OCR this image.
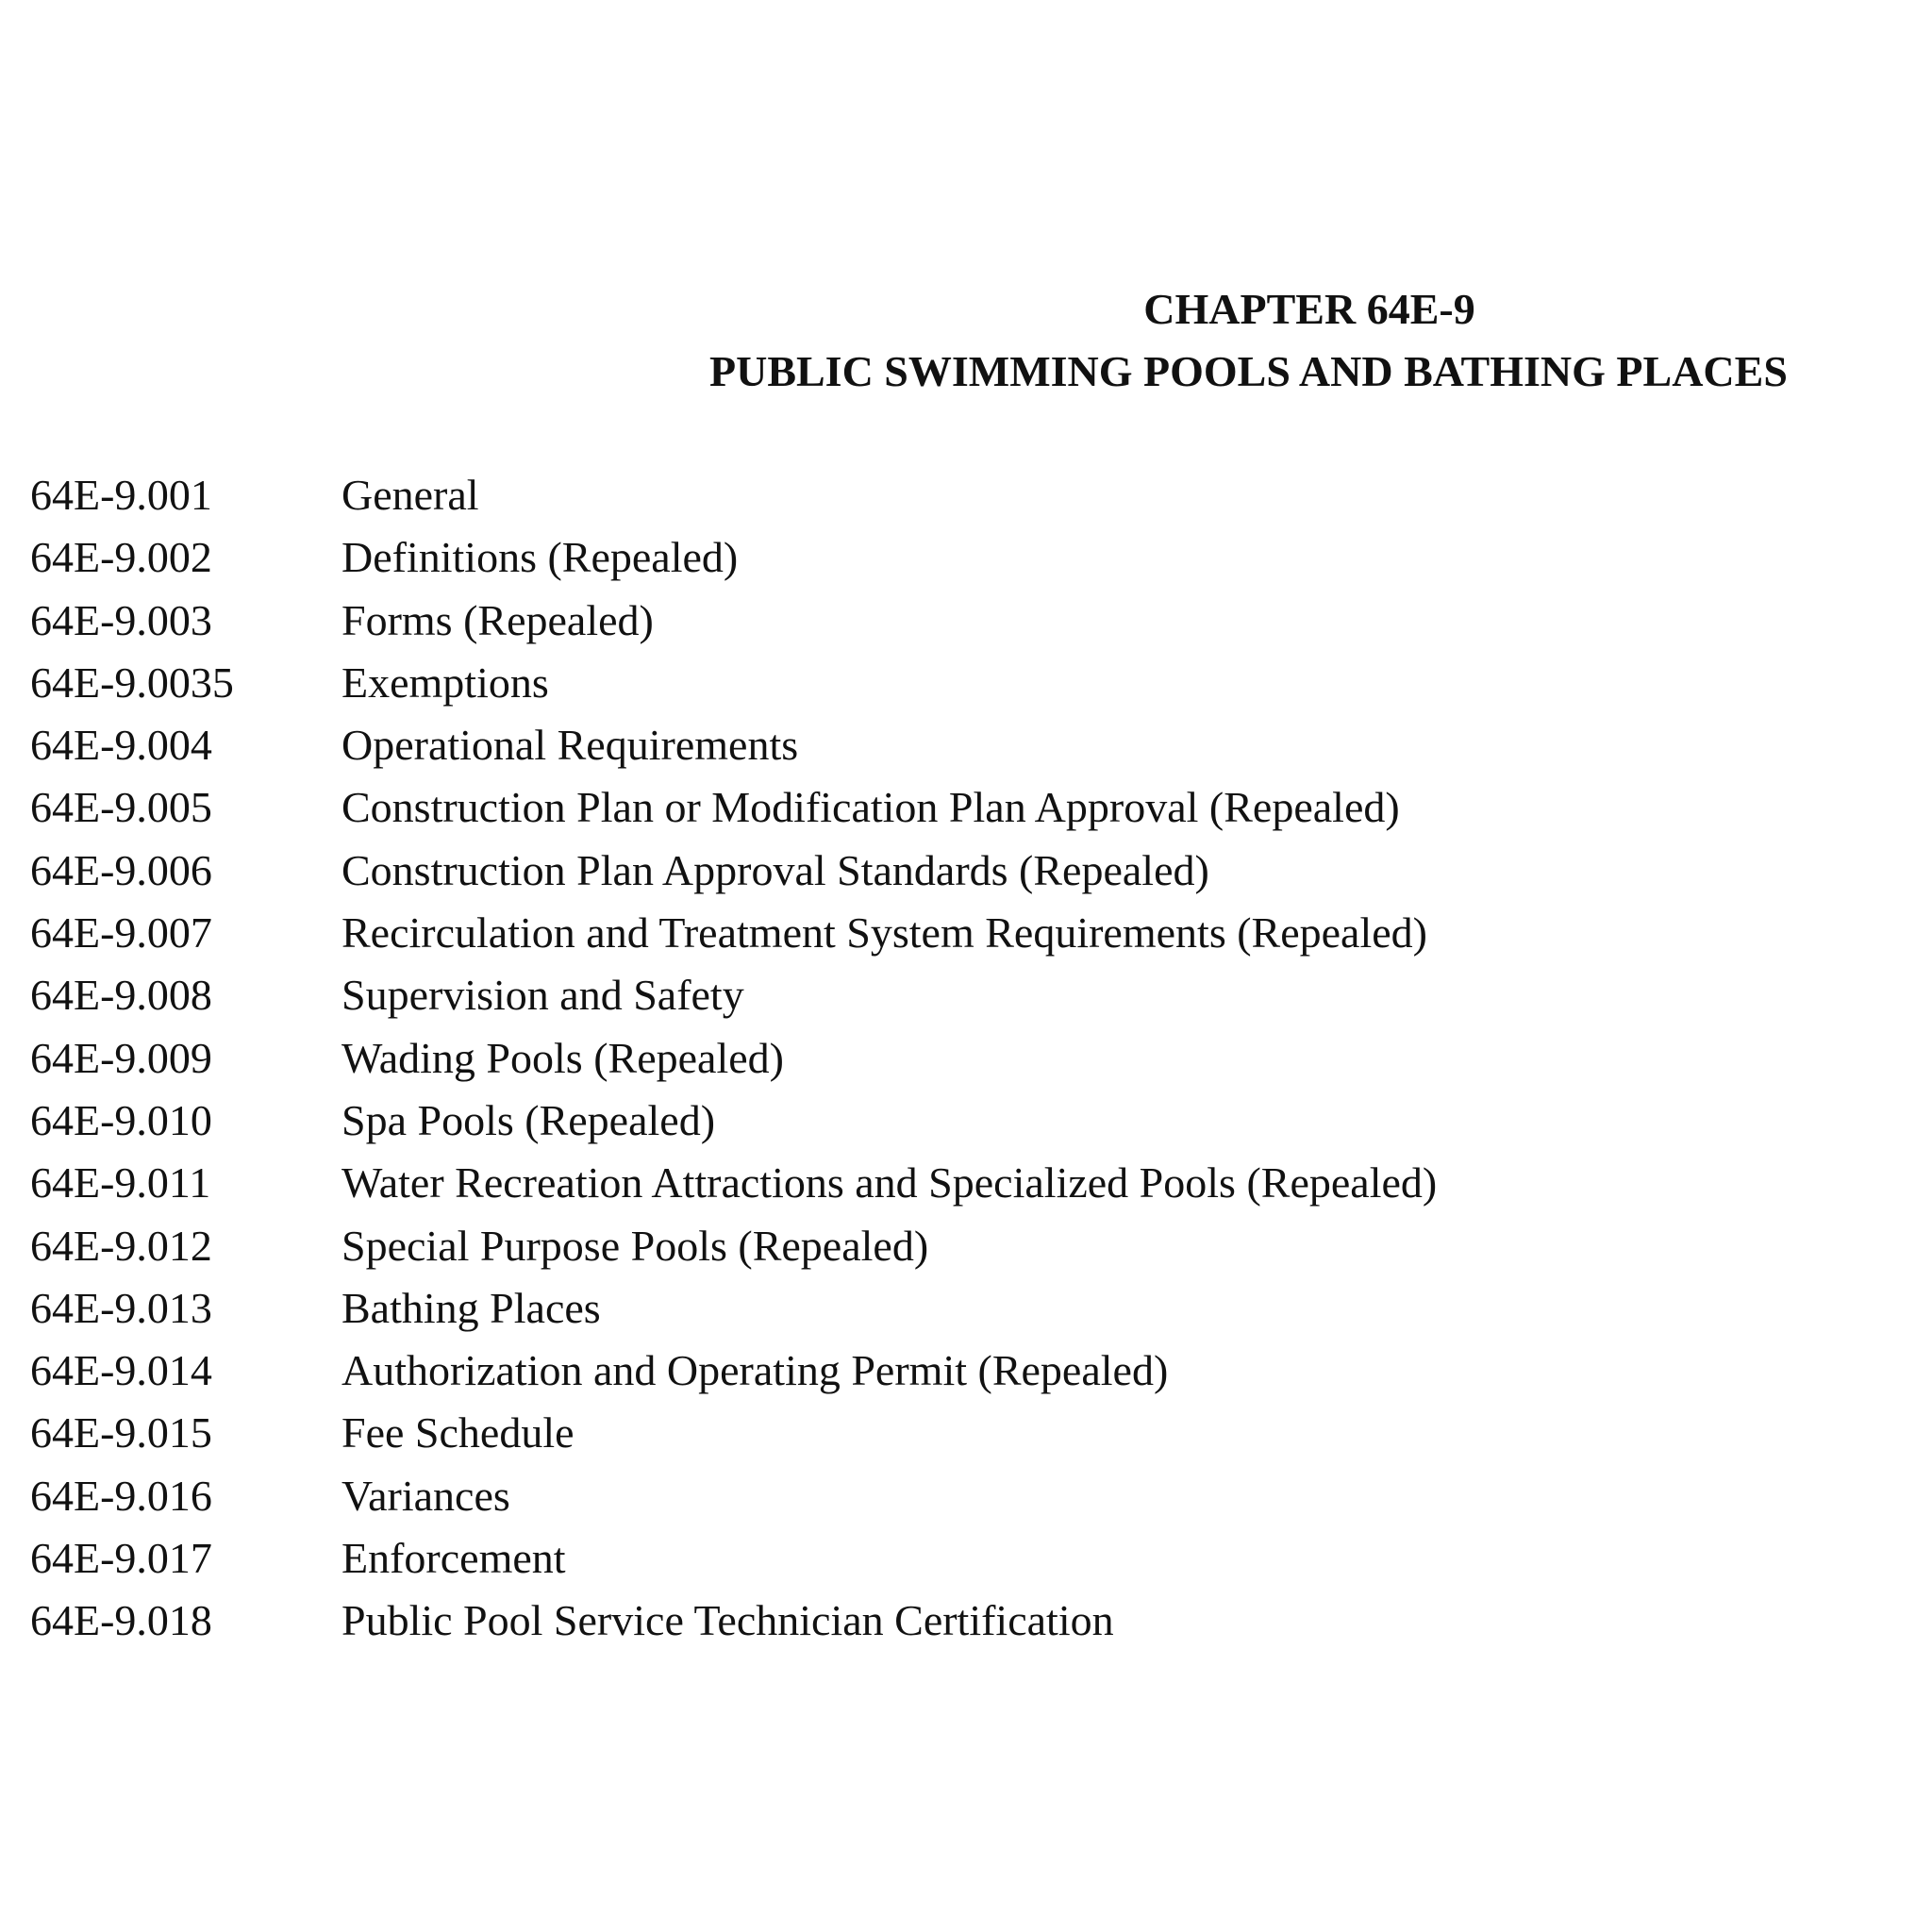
CHAPTER 64E-9
PUBLIC SWIMMING POOLS AND BATHING PLACES
64E-9.001	General
64E-9.002	Definitions (Repealed)
64E-9.003	Forms (Repealed)
64E-9.0035 Exemptions
64E-9.004	Operational Requirements
64E-9.005	Construction Plan or Modification Plan Approval (Repealed)
64E-9.006	Construction Plan Approval Standards (Repealed)
64E-9.007	Recirculation and Treatment System Requirements (Repealed)
64E-9.008	Supervision and Safety
64E-9.009	Wading Pools (Repealed)
64E-9.010	Spa Pools (Repealed)
64E-9.011	Water Recreation Attractions and Specialized Pools (Repealed)
64E-9.012	Special Purpose Pools (Repealed)
64E-9.013	Bathing Places
64E-9.014	Authorization and Operating Permit (Repealed)
64E-9.015	Fee Schedule
64E-9.016	Variances
64E-9.017	Enforcement
64E-9.018	Public Pool Service Technician Certification
